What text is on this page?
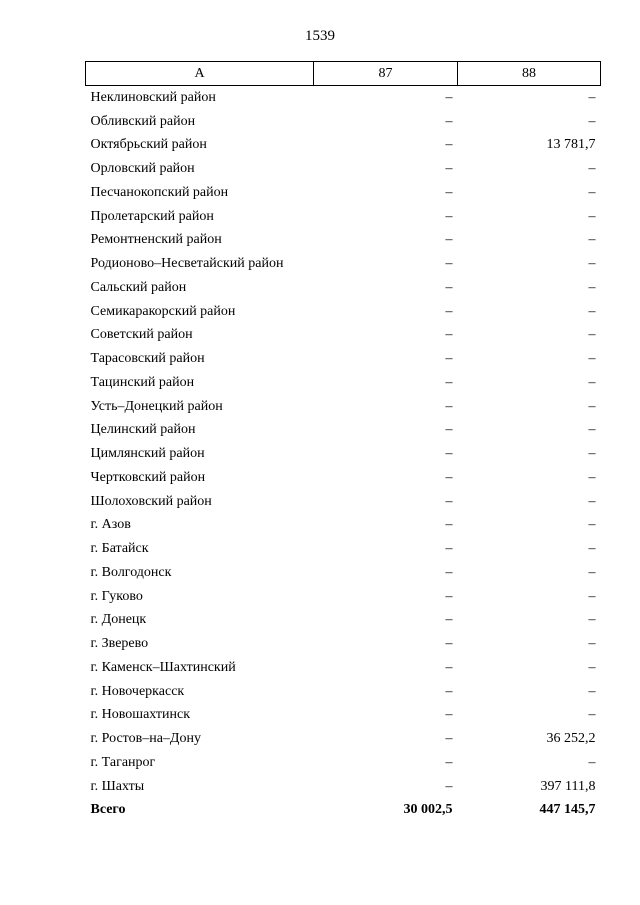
1539
А	87	88
Неклиновский район	–	–
Обливский район	–	–
Октябрьский район	–	13 781,7
Орловский район	–	–
Песчанокопский район	–	–
Пролетарский район	–	–
Ремонтненский район	–	–
Родионово–Несветайский район	–	–
Сальский район	–	–
Семикаракорский район	–	–
Советский район	–	–
Тарасовский район	–	–
Тацинский район	–	–
Усть–Донецкий район	–	–
Целинский район	–	–
Цимлянский район	–	–
Чертковский район	–	–
Шолоховский район	–	–
г. Азов	–	–
г. Батайск	–	–
г. Волгодонск	–	–
г. Гуково	–	–
г. Донецк	–	–
г. Зверево	–	–
г. Каменск–Шахтинский	–	–
г. Новочеркасск	–	–
г. Новошахтинск	–	–
г. Ростов–на–Дону	–	36 252,2
г. Таганрог	–	–
г. Шахты	–	397 111,8
Всего	30 002,5	447 145,7
